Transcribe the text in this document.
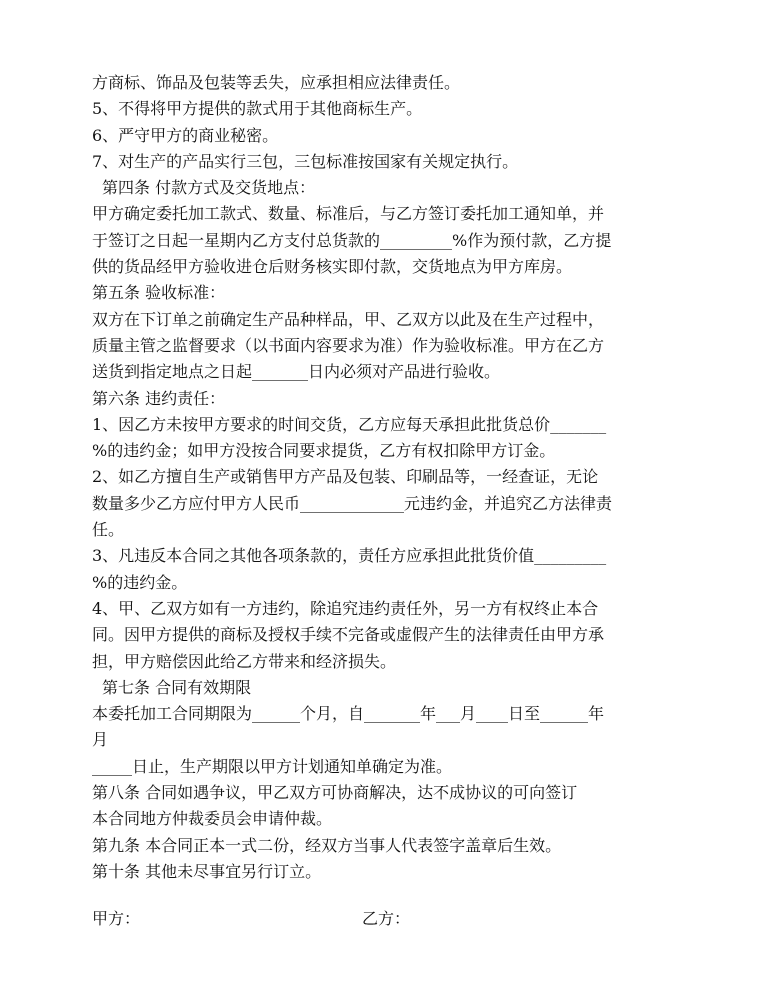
方商标、饰品及包装等丢失，应承担相应法律责任。
5、不得将甲方提供的款式用于其他商标生产。
6、严守甲方的商业秘密。
7、对生产的产品实行三包，三包标准按国家有关规定执行。
第四条 付款方式及交货地点：
甲方确定委托加工款式、数量、标准后，与乙方签订委托加工通知单，并
于签订之日起一星期内乙方支付总货款的_________%作为预付款，乙方提
供的货品经甲方验收进仓后财务核实即付款，交货地点为甲方库房。
第五条 验收标准：
双方在下订单之前确定生产品种样品，甲、乙双方以此及在生产过程中，
质量主管之监督要求（以书面内容要求为准）作为验收标准。甲方在乙方
送货到指定地点之日起_______日内必须对产品进行验收。
第六条 违约责任：
1、因乙方未按甲方要求的时间交货，乙方应每天承担此批货总价_______
%的违约金；如甲方没按合同要求提货，乙方有权扣除甲方订金。
2、如乙方擅自生产或销售甲方产品及包装、印刷品等，一经查证，无论
数量多少乙方应付甲方人民币_____________元违约金，并追究乙方法律责
任。
3、凡违反本合同之其他各项条款的，责任方应承担此批货价值_________
%的违约金。
4、甲、乙双方如有一方违约，除追究违约责任外，另一方有权终止本合
同。因甲方提供的商标及授权手续不完备或虚假产生的法律责任由甲方承
担，甲方赔偿因此给乙方带来和经济损失。
第七条 合同有效期限
本委托加工合同期限为______个月，自_______年___月____日至______年
月
_____日止，生产期限以甲方计划通知单确定为准。
第八条 合同如遇争议，甲乙双方可协商解决，达不成协议的可向签订
本合同地方仲裁委员会申请仲裁。
第九条 本合同正本一式二份，经双方当事人代表签字盖章后生效。
第十条 其他未尽事宜另行订立。
甲方：	乙方：
